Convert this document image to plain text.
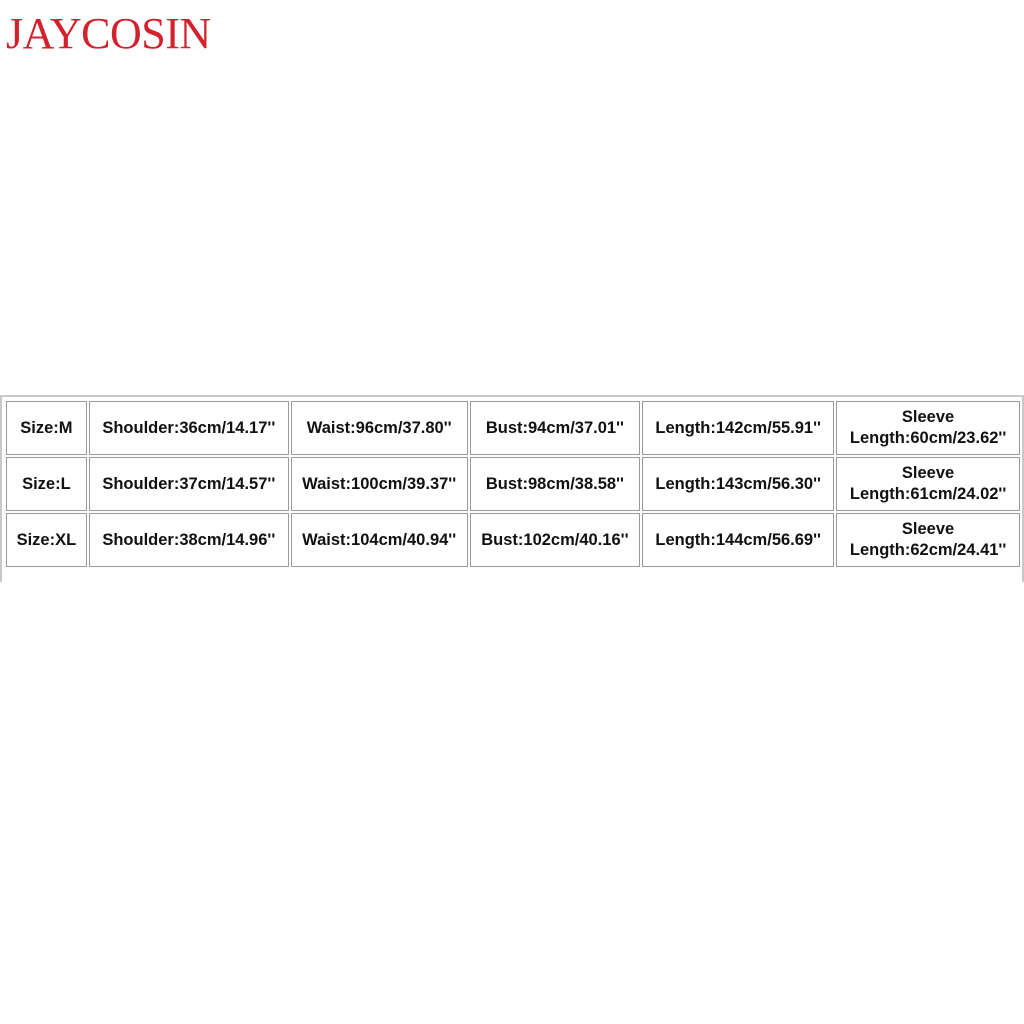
JAYCOSIN
Size:M	Shoulder:36cm/14.17''	Waist:96cm/37.80''	Bust:94cm/37.01''	Length:142cm/55.91''	Sleeve
Length:60cm/23.62''

Size:L	Shoulder:37cm/14.57''	Waist:100cm/39.37''	Bust:98cm/38.58''	Length:143cm/56.30''	Sleeve
Length:61cm/24.02''

Size:XL	Shoulder:38cm/14.96''	Waist:104cm/40.94''	Bust:102cm/40.16''	Length:144cm/56.69''	Sleeve
Length:62cm/24.41''
